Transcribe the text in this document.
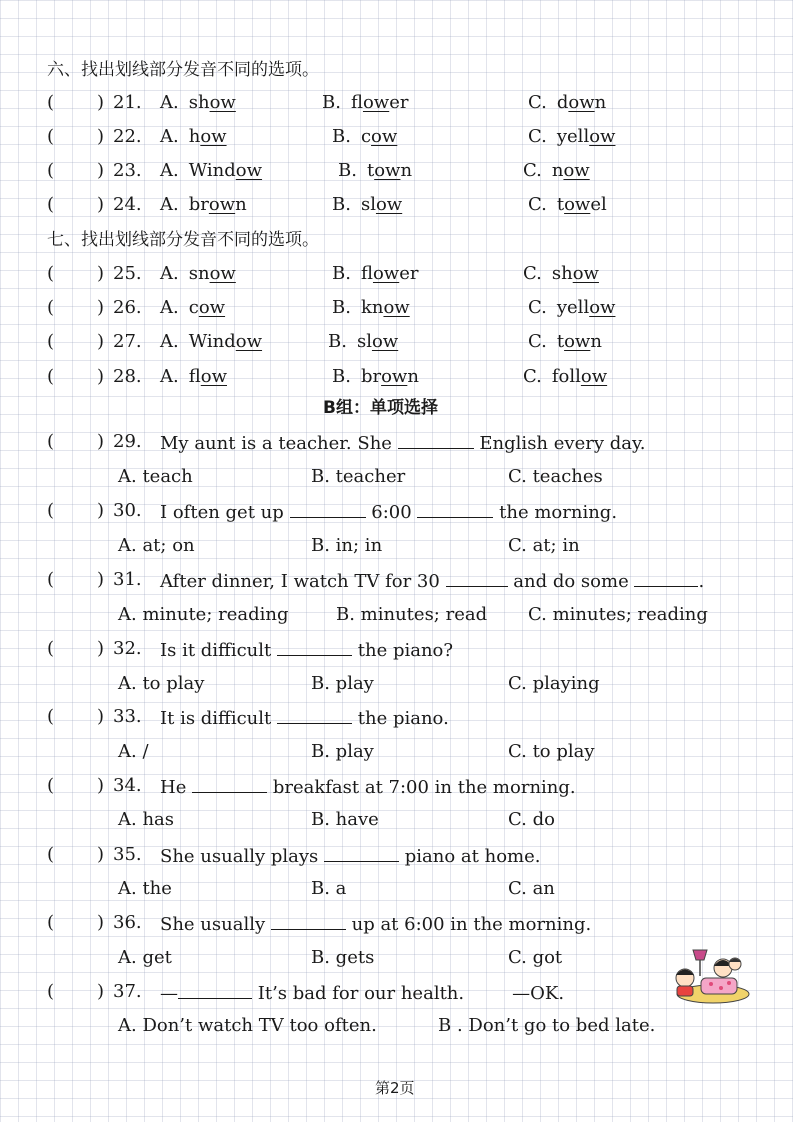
六、找出划线部分发音不同的选项。
( ) 21. A. show	B. flower	C. down
( ) 22. A. how	B. cow	C. yellow
( ) 23. A. Window	B. town	C. now
( ) 24. A. brown	B. slow	C. towel
七、找出划线部分发音不同的选项。
( ) 25. A. snow	B. flower	C. show
( ) 26. A. cow	B. know	C. yellow
( ) 27. A. Window	B. slow	C. town
( ) 28. A. flow	B. brown	C. follow
B组：单项选择
( ) 29. My aunt is a teacher. She	English every day.
A. teach	B. teacher	C. teaches
( ) 30. I often get up	6:00	the morning.
A. at; on	B. in; in	C. at; in
( ) 31. After dinner, I watch TV for 30	and do some	.
A. minute; reading	B. minutes; read C. minutes; reading
( ) 32. Is it difficult	the piano?
A. to play	B. play	C. playing
( ) 33. It is difficult	the piano.
A. /	B. play	C. to play
( ) 34. He	breakfast at 7:00 in the morning.
A. has	B. have	C. do
( ) 35. She usually plays	piano at home.
A. the	B. a	C. an
( ) 36. She usually	up at 6:00 in the morning.
A. get	B. gets	C. got
( ) 37. —	It’s bad for our health.	—OK.
A. Don’t watch TV too often.	B . Don’t go to bed late.
第2页
